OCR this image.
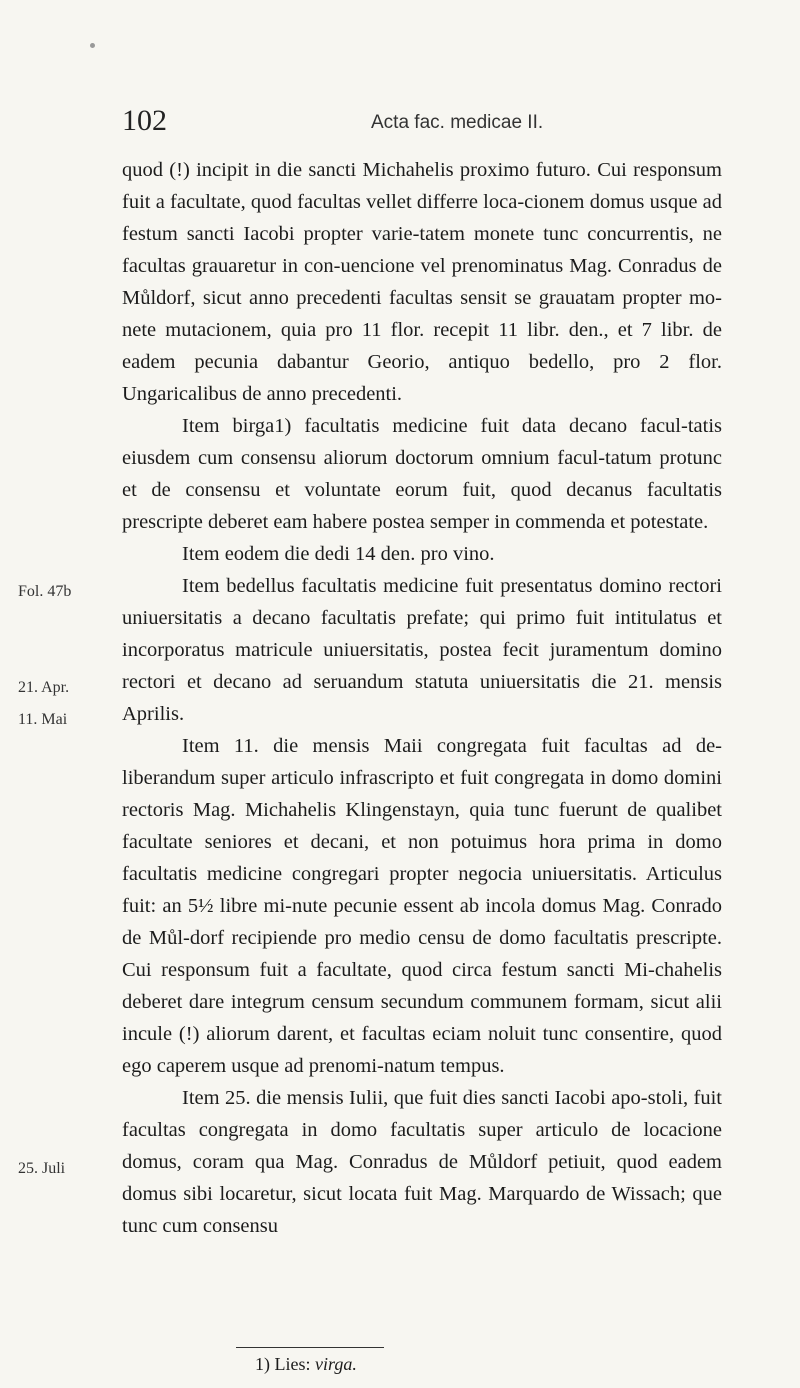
102	Acta fac. medicae II.
Fol. 47b
21. Apr.
11. Mai
25. Juli

quod (!) incipit in die sancti Michahelis proximo futuro. Cui responsum fuit a facultate, quod facultas vellet differre loca-cionem domus usque ad festum sancti Iacobi propter varie-tatem monete tunc concurrentis, ne facultas grauaretur in con-uencione vel prenominatus Mag. Conradus de Můldorf, sicut anno precedenti facultas sensit se grauatam propter mo-nete mutacionem, quia pro 11 flor. recepit 11 libr. den., et 7 libr. de eadem pecunia dabantur Georio, antiquo bedello, pro 2 flor. Ungaricalibus de anno precedenti.

Item birga1) facultatis medicine fuit data decano facul-tatis eiusdem cum consensu aliorum doctorum omnium facul-tatum protunc et de consensu et voluntate eorum fuit, quod decanus facultatis prescripte deberet eam habere postea semper in commenda et potestate.

Item eodem die dedi 14 den. pro vino.

Item bedellus facultatis medicine fuit presentatus domino rectori uniuersitatis a decano facultatis prefate; qui primo fuit intitulatus et incorporatus matricule uniuersitatis, postea fecit juramentum domino rectori et decano ad seruandum statuta uniuersitatis die 21. mensis Aprilis.

Item 11. die mensis Maii congregata fuit facultas ad de-liberandum super articulo infrascripto et fuit congregata in domo domini rectoris Mag. Michahelis Klingenstayn, quia tunc fuerunt de qualibet facultate seniores et decani, et non potuimus hora prima in domo facultatis medicine congregari propter negocia uniuersitatis. Articulus fuit: an 5½ libre mi-nute pecunie essent ab incola domus Mag. Conrado de Můl-dorf recipiende pro medio censu de domo facultatis prescripte. Cui responsum fuit a facultate, quod circa festum sancti Mi-chahelis deberet dare integrum censum secundum communem formam, sicut alii incule (!) aliorum darent, et facultas eciam noluit tunc consentire, quod ego caperem usque ad prenomi-natum tempus.

Item 25. die mensis Iulii, que fuit dies sancti Iacobi apo-stoli, fuit facultas congregata in domo facultatis super articulo de locacione domus, coram qua Mag. Conradus de Můldorf petiuit, quod eadem domus sibi locaretur, sicut locata fuit Mag. Marquardo de Wissach; que tunc cum consensu

1) Lies: virga.
